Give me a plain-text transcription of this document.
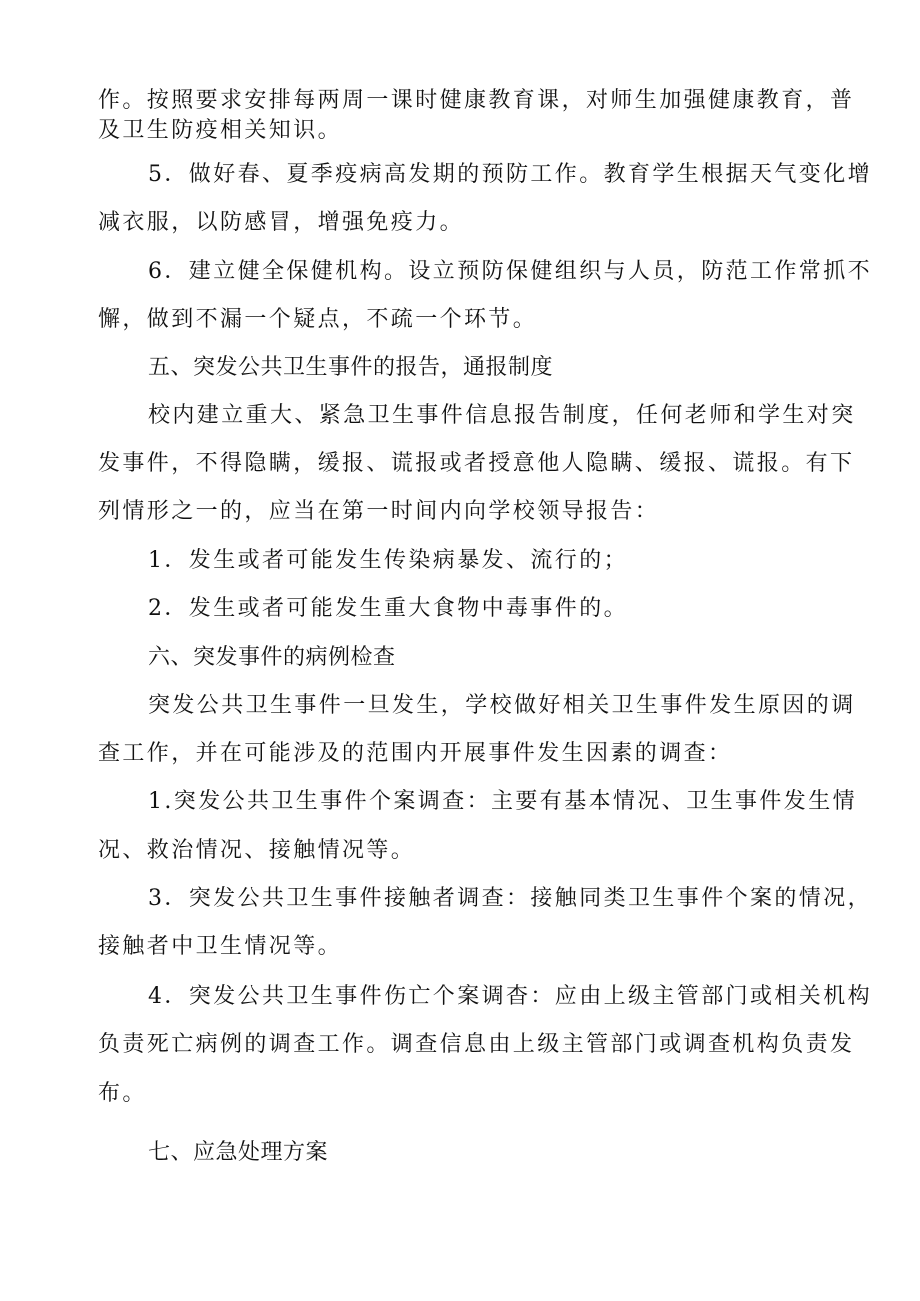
作。按照要求安排每两周一课时健康教育课，对师生加强健康教育，普

及卫生防疫相关知识。

5．做好春、夏季疫病高发期的预防工作。教育学生根据天气变化增

减衣服，以防感冒，增强免疫力。

6．建立健全保健机构。设立预防保健组织与人员，防范工作常抓不

懈，做到不漏一个疑点，不疏一个环节。

五、突发公共卫生事件的报告，通报制度

校内建立重大、紧急卫生事件信息报告制度，任何老师和学生对突

发事件，不得隐瞒，缓报、谎报或者授意他人隐瞒、缓报、谎报。有下

列情形之一的，应当在第一时间内向学校领导报告：

1．发生或者可能发生传染病暴发、流行的；

2．发生或者可能发生重大食物中毒事件的。

六、突发事件的病例检查

突发公共卫生事件一旦发生，学校做好相关卫生事件发生原因的调

查工作，并在可能涉及的范围内开展事件发生因素的调查：

1.突发公共卫生事件个案调查：主要有基本情况、卫生事件发生情

况、救治情况、接触情况等。

3．突发公共卫生事件接触者调查：接触同类卫生事件个案的情况，

接触者中卫生情况等。

4．突发公共卫生事件伤亡个案调杳：应由上级主管部门或相关机构

负责死亡病例的调查工作。调查信息由上级主管部门或调查机构负责发

布。

七、应急处理方案
